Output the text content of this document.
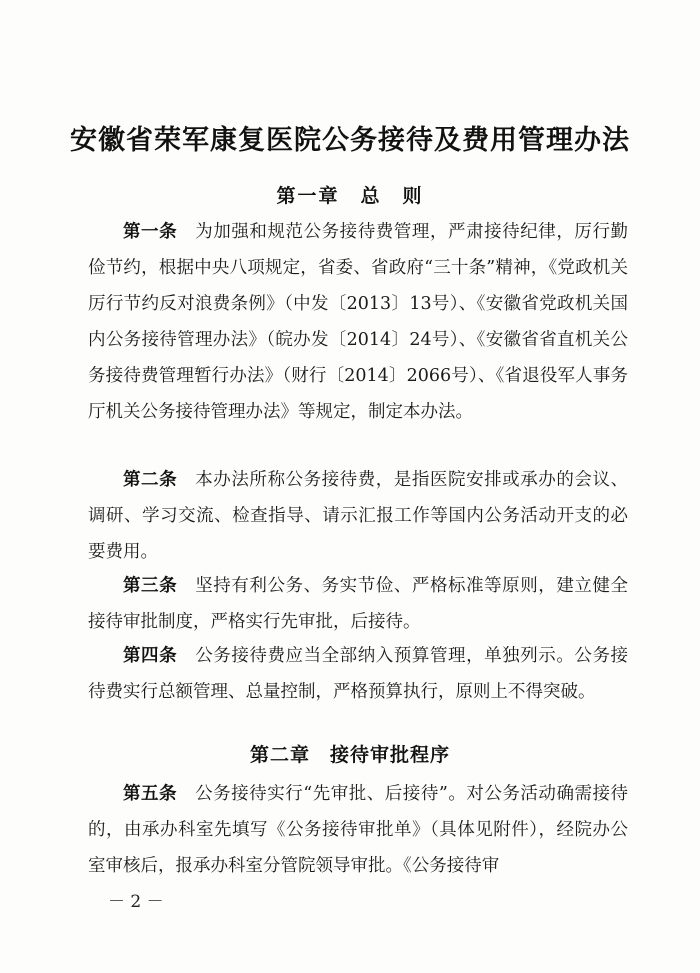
安徽省荣军康复医院公务接待及费用管理办法
第一章　总　则
第一条　 为加强和规范公务接待费管理，严肃接待纪律，厉行勤俭节约，根据中央八项规定，省委、省政府“三十条”精神，《党政机关厉行节约反对浪费条例》（中发〔2013〕13号）、《安徽省党政机关国内公务接待管理办法》（皖办发〔2014〕24号）、《安徽省省直机关公务接待费管理暂行办法》（财行〔2014〕2066号）、《省退役军人事务厅机关公务接待管理办法》等规定，制定本办法。
第二条　 本办法所称公务接待费，是指医院安排或承办的会议、调研、学习交流、检查指导、请示汇报工作等国内公务活动开支的必要费用。
第三条　 坚持有利公务、务实节俭、严格标准等原则，建立健全接待审批制度，严格实行先审批，后接待。
第四条　 公务接待费应当全部纳入预算管理，单独列示。公务接待费实行总额管理、总量控制，严格预算执行，原则上不得突破。
第二章　接待审批程序
第五条　 公务接待实行“先审批、后接待”。对公务活动确需接待的，由承办科室先填写《公务接待审批单》（具体见附件），经院办公室审核后，报承办科室分管院领导审批。《公务接待审
－ 2 －
